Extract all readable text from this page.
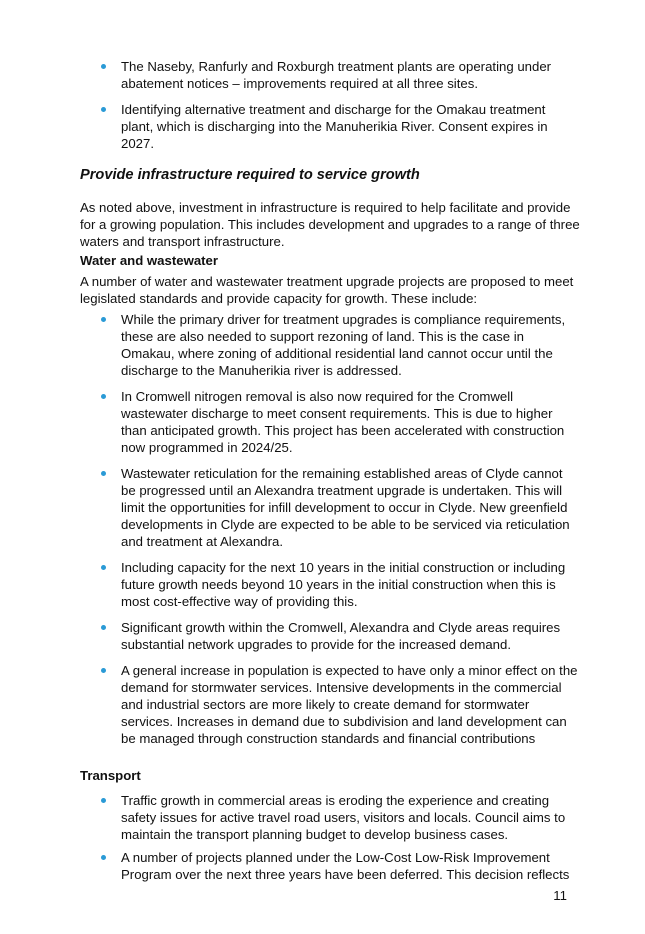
The Naseby, Ranfurly and Roxburgh treatment plants are operating under abatement notices – improvements required at all three sites.
Identifying alternative treatment and discharge for the Omakau treatment plant, which is discharging into the Manuherikia River. Consent expires in 2027.
Provide infrastructure required to service growth

As noted above, investment in infrastructure is required to help facilitate and provide for a growing population. This includes development and upgrades to a range of three waters and transport infrastructure.

Water and wastewater

A number of water and wastewater treatment upgrade projects are proposed to meet legislated standards and provide capacity for growth. These include:

While the primary driver for treatment upgrades is compliance requirements, these are also needed to support rezoning of land. This is the case in Omakau, where zoning of additional residential land cannot occur until the discharge to the Manuherikia river is addressed.
In Cromwell nitrogen removal is also now required for the Cromwell wastewater discharge to meet consent requirements. This is due to higher than anticipated growth. This project has been accelerated with construction now programmed in 2024/25.
Wastewater reticulation for the remaining established areas of Clyde cannot be progressed until an Alexandra treatment upgrade is undertaken. This will limit the opportunities for infill development to occur in Clyde. New greenfield developments in Clyde are expected to be able to be serviced via reticulation and treatment at Alexandra.
Including capacity for the next 10 years in the initial construction or including future growth needs beyond 10 years in the initial construction when this is most cost-effective way of providing this.
Significant growth within the Cromwell, Alexandra and Clyde areas requires substantial network upgrades to provide for the increased demand.
A general increase in population is expected to have only a minor effect on the demand for stormwater services. Intensive developments in the commercial and industrial sectors are more likely to create demand for stormwater services. Increases in demand due to subdivision and land development can be managed through construction standards and financial contributions
Transport
Traffic growth in commercial areas is eroding the experience and creating safety issues for active travel road users, visitors and locals. Council aims to maintain the transport planning budget to develop business cases.
A number of projects planned under the Low-Cost Low-Risk Improvement Program over the next three years have been deferred. This decision reflects
11
